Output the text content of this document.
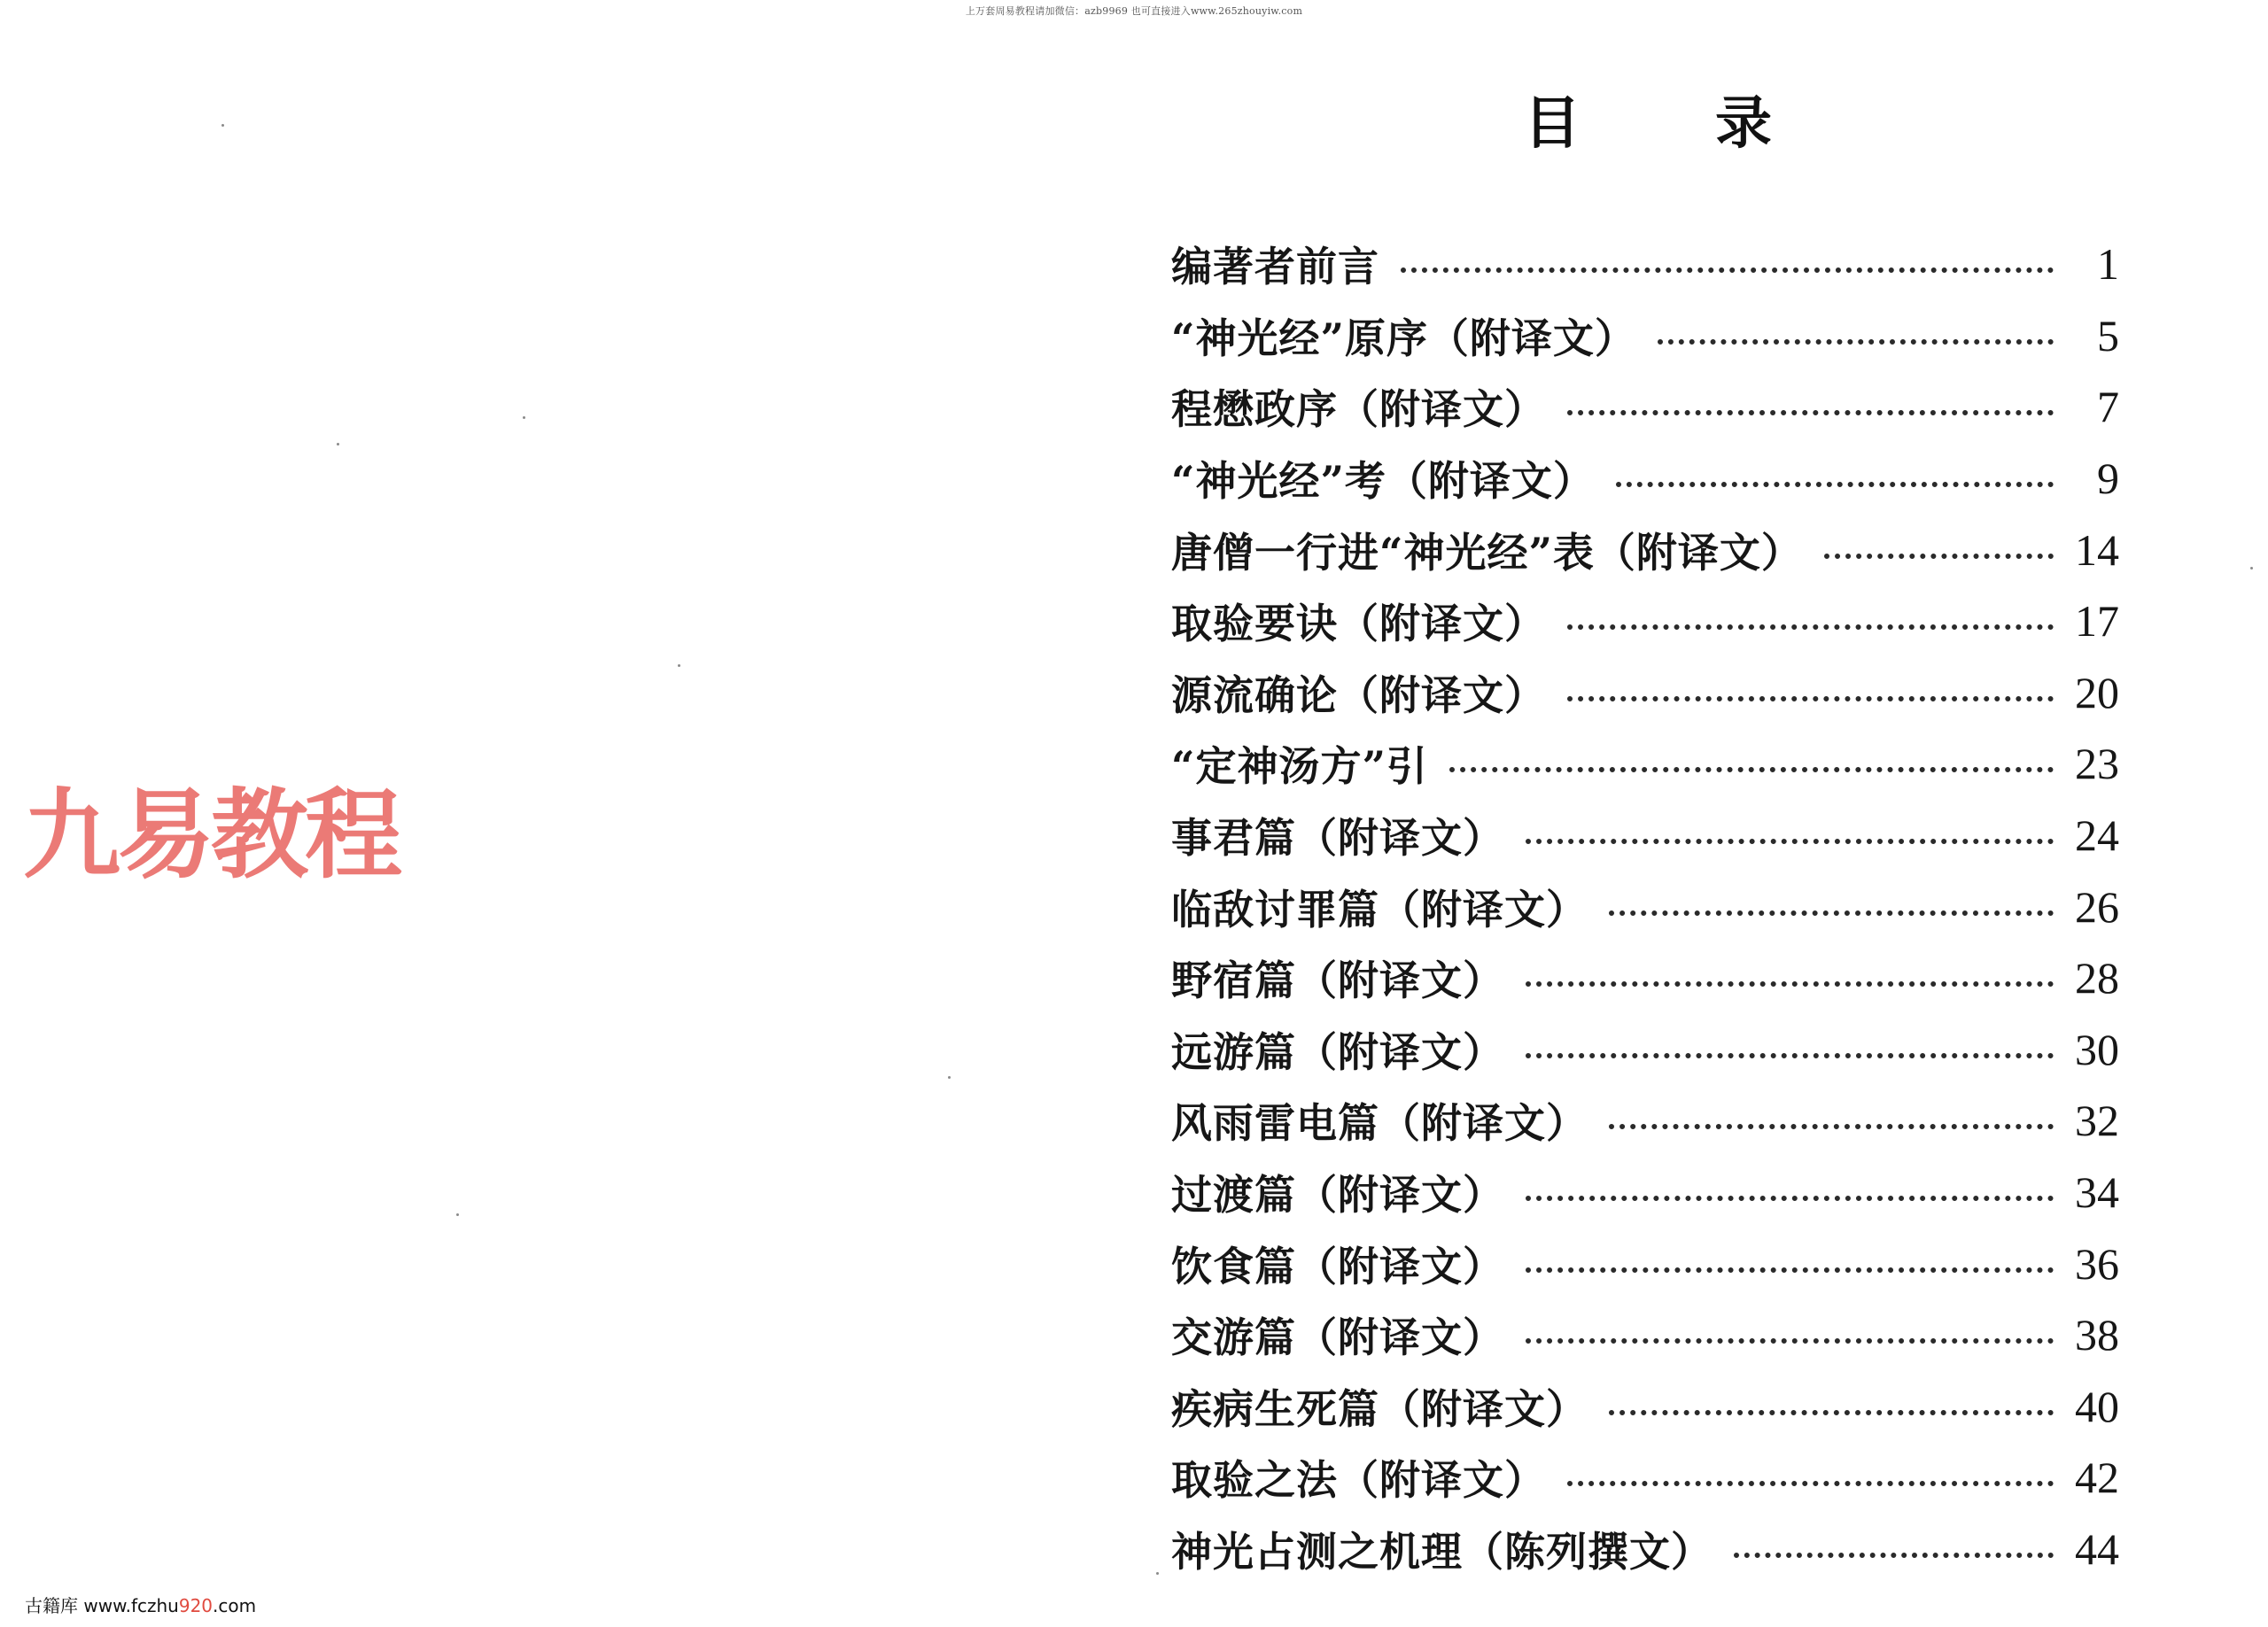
上万套周易教程请加微信：azb9969 也可直接进入www.265zhouyiw.com
九易教程
古籍库 www.fczhu920.com
目 录
编著者前言	1
“神光经”原序（附译文）	5
程懋政序（附译文）	7
“神光经”考（附译文）	9
唐僧一行进“神光经”表（附译文）	14
取验要诀（附译文）	17
源流确论（附译文）	20
“定神汤方”引	23
事君篇（附译文）	24
临敌讨罪篇（附译文）	26
野宿篇（附译文）	28
远游篇（附译文）	30
风雨雷电篇（附译文）	32
过渡篇（附译文）	34
饮食篇（附译文）	36
交游篇（附译文）	38
疾病生死篇（附译文）	40
取验之法（附译文）	42
神光占测之机理（陈列撰文）	44
